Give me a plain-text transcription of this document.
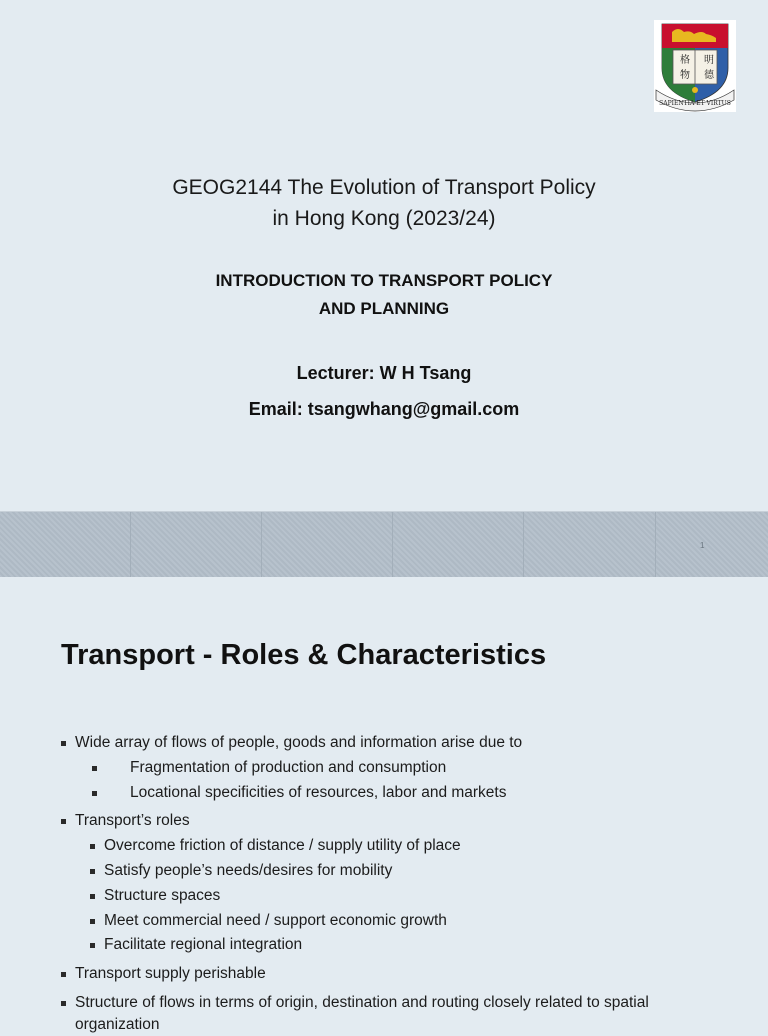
格 明
物 德
SAPIENTIA ET VIRTUS
GEOG2144 The Evolution of Transport Policy
in Hong Kong (2023/24)
INTRODUCTION TO TRANSPORT POLICY
AND PLANNING
Lecturer: W H Tsang
Email: tsangwhang@gmail.com
1
Transport - Roles & Characteristics
Wide array of flows of people, goods and information arise due to
Fragmentation of production and consumption
Locational specificities of resources, labor and markets
Transport’s roles
Overcome friction of distance / supply utility of place
Satisfy people’s needs/desires for mobility
Structure spaces
Meet commercial need / support economic growth
Facilitate regional integration
Transport supply perishable
Structure of flows in terms of origin, destination and routing closely related to spatial organization
